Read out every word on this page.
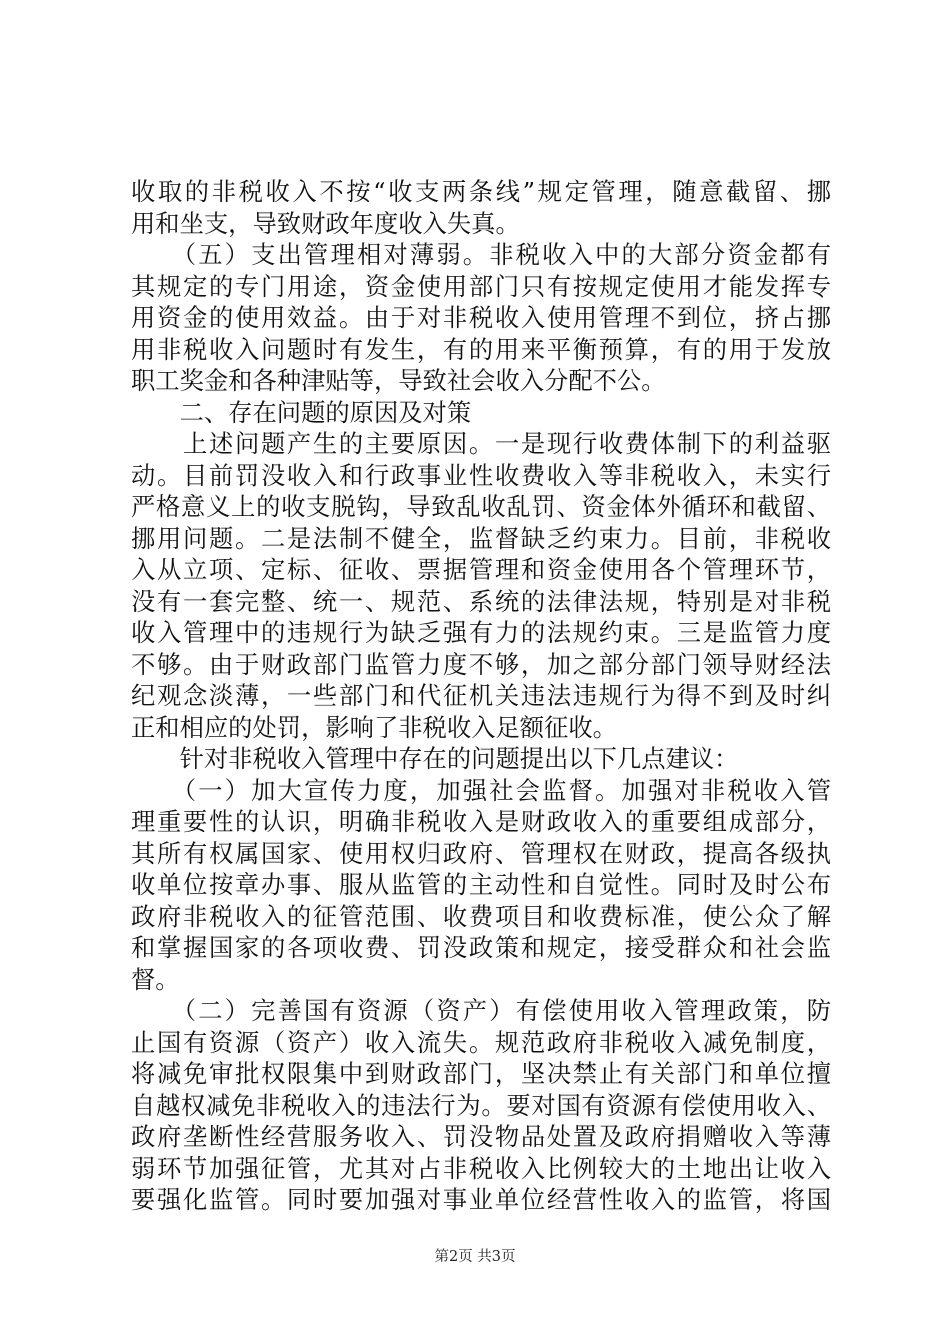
收取的非税收入不按“收支两条线”规定管理，随意截留、挪
用和坐支，导致财政年度收入失真。
　　（五）支出管理相对薄弱。非税收入中的大部分资金都有
其规定的专门用途，资金使用部门只有按规定使用才能发挥专
用资金的使用效益。由于对非税收入使用管理不到位，挤占挪
用非税收入问题时有发生，有的用来平衡预算，有的用于发放
职工奖金和各种津贴等，导致社会收入分配不公。
　　二、存在问题的原因及对策
　　上述问题产生的主要原因。一是现行收费体制下的利益驱
动。目前罚没收入和行政事业性收费收入等非税收入，未实行
严格意义上的收支脱钩，导致乱收乱罚、资金体外循环和截留、
挪用问题。二是法制不健全，监督缺乏约束力。目前，非税收
入从立项、定标、征收、票据管理和资金使用各个管理环节，
没有一套完整、统一、规范、系统的法律法规，特别是对非税
收入管理中的违规行为缺乏强有力的法规约束。三是监管力度
不够。由于财政部门监管力度不够，加之部分部门领导财经法
纪观念淡薄，一些部门和代征机关违法违规行为得不到及时纠
正和相应的处罚，影响了非税收入足额征收。
　　针对非税收入管理中存在的问题提出以下几点建议：
　　（一）加大宣传力度，加强社会监督。加强对非税收入管
理重要性的认识，明确非税收入是财政收入的重要组成部分，
其所有权属国家、使用权归政府、管理权在财政，提高各级执
收单位按章办事、服从监管的主动性和自觉性。同时及时公布
政府非税收入的征管范围、收费项目和收费标准，使公众了解
和掌握国家的各项收费、罚没政策和规定，接受群众和社会监
督。
　　（二）完善国有资源（资产）有偿使用收入管理政策，防
止国有资源（资产）收入流失。规范政府非税收入减免制度，
将减免审批权限集中到财政部门，坚决禁止有关部门和单位擅
自越权减免非税收入的违法行为。要对国有资源有偿使用收入、
政府垄断性经营服务收入、罚没物品处置及政府捐赠收入等薄
弱环节加强征管，尤其对占非税收入比例较大的土地出让收入
要强化监管。同时要加强对事业单位经营性收入的监管，将国
第2页 共3页
